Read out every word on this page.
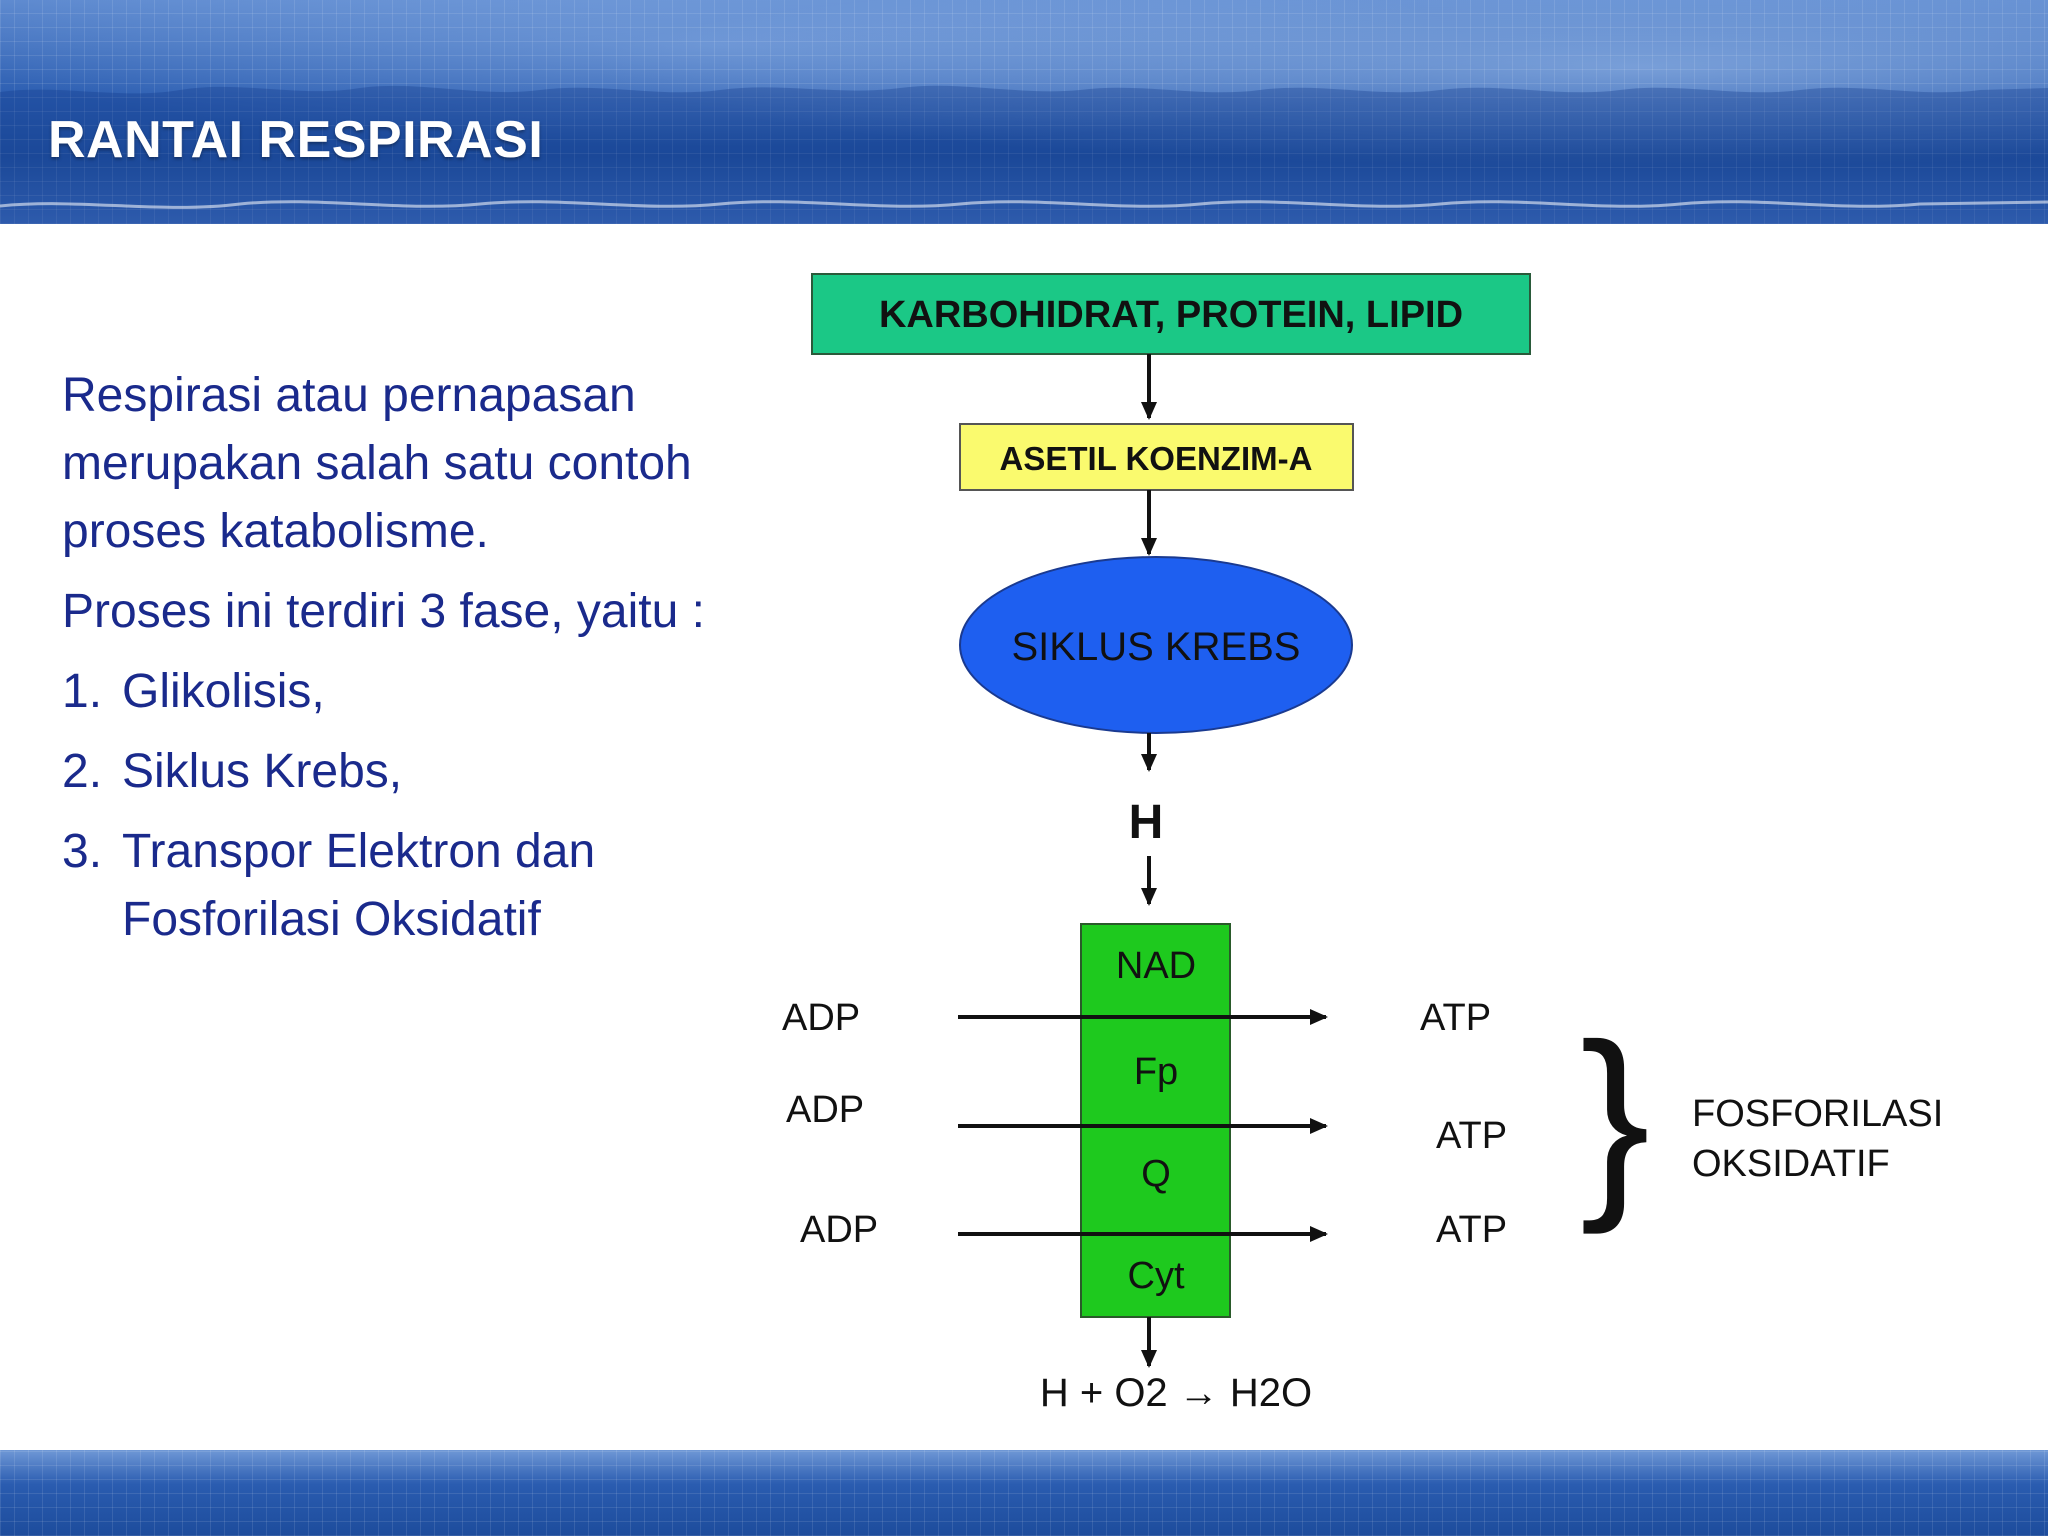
RANTAI RESPIRASI

Respirasi atau pernapasan merupakan salah satu contoh proses katabolisme.

Proses ini terdiri 3 fase, yaitu :

1. Glikolisis,
2. Siklus Krebs,
3. Transpor Elektron dan Fosforilasi Oksidatif
KARBOHIDRAT, PROTEIN, LIPID
ASETIL KOENZIM-A
SIKLUS KREBS
H
NAD
Fp
Q
Cyt
ADP
ADP
ADP
ATP
ATP
ATP } FOSFORILASI
OKSIDATIF
H + O2 → H2O
